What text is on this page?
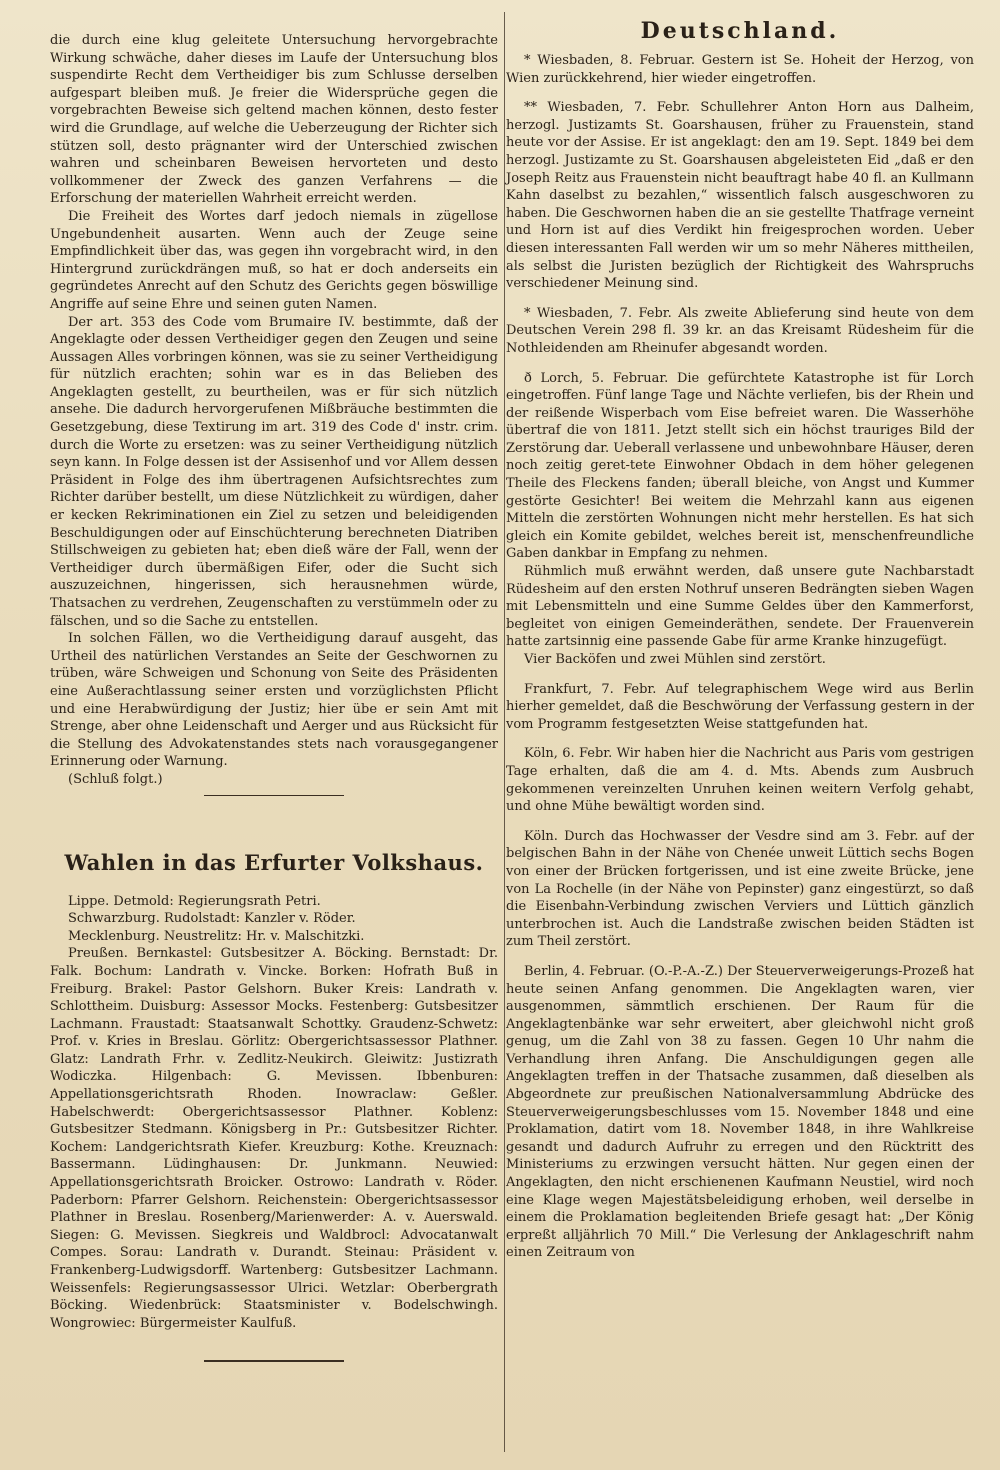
die durch eine klug geleitete Untersuchung hervorgebrachte Wirkung schwäche, daher dieses im Laufe der Untersuchung blos suspendirte Recht dem Vertheidiger bis zum Schlusse derselben aufgespart bleiben muß. Je freier die Widersprüche gegen die vorgebrachten Beweise sich geltend machen können, desto fester wird die Grundlage, auf welche die Ueberzeugung der Richter sich stützen soll, desto prägnanter wird der Unterschied zwischen wahren und scheinbaren Beweisen hervorteten und desto vollkommener der Zweck des ganzen Verfahrens — die Erforschung der materiellen Wahrheit erreicht werden.

Die Freiheit des Wortes darf jedoch niemals in zügellose Ungebundenheit ausarten. Wenn auch der Zeuge seine Empfindlichkeit über das, was gegen ihn vorgebracht wird, in den Hintergrund zurückdrängen muß, so hat er doch anderseits ein gegründetes Anrecht auf den Schutz des Gerichts gegen böswillige Angriffe auf seine Ehre und seinen guten Namen.

Der art. 353 des Code vom Brumaire IV. bestimmte, daß der Angeklagte oder dessen Vertheidiger gegen den Zeugen und seine Aussagen Alles vorbringen können, was sie zu seiner Vertheidigung für nützlich erachten; sohin war es in das Belieben des Angeklagten gestellt, zu beurtheilen, was er für sich nützlich ansehe. Die dadurch hervorgerufenen Mißbräuche bestimmten die Gesetzgebung, diese Textirung im art. 319 des Code d' instr. crim. durch die Worte zu ersetzen: was zu seiner Vertheidigung nützlich seyn kann. In Folge dessen ist der Assisenhof und vor Allem dessen Präsident in Folge des ihm übertragenen Aufsichtsrechtes zum Richter darüber bestellt, um diese Nützlichkeit zu würdigen, daher er kecken Rekriminationen ein Ziel zu setzen und beleidigenden Beschuldigungen oder auf Einschüchterung berechneten Diatriben Stillschweigen zu gebieten hat; eben dieß wäre der Fall, wenn der Vertheidiger durch übermäßigen Eifer, oder die Sucht sich auszuzeichnen, hingerissen, sich herausnehmen würde, Thatsachen zu verdrehen, Zeugenschaften zu verstümmeln oder zu fälschen, und so die Sache zu entstellen.

In solchen Fällen, wo die Vertheidigung darauf ausgeht, das Urtheil des natürlichen Verstandes an Seite der Geschwornen zu trüben, wäre Schweigen und Schonung von Seite des Präsidenten eine Außerachtlassung seiner ersten und vorzüglichsten Pflicht und eine Herabwürdigung der Justiz; hier übe er sein Amt mit Strenge, aber ohne Leidenschaft und Aerger und aus Rücksicht für die Stellung des Advokatenstandes stets nach vorausgegangener Erinnerung oder Warnung.

(Schluß folgt.)

Wahlen in das Erfurter Volkshaus.

Lippe. Detmold: Regierungsrath Petri.

Schwarzburg. Rudolstadt: Kanzler v. Röder.

Mecklenburg. Neustrelitz: Hr. v. Malschitzki.

Preußen. Bernkastel: Gutsbesitzer A. Böcking. Bernstadt: Dr. Falk. Bochum: Landrath v. Vincke. Borken: Hofrath Buß in Freiburg. Brakel: Pastor Gelshorn. Buker Kreis: Landrath v. Schlottheim. Duisburg: Assessor Mocks. Festenberg: Gutsbesitzer Lachmann. Fraustadt: Staatsanwalt Schottky. Graudenz-Schwetz: Prof. v. Kries in Breslau. Görlitz: Obergerichtsassessor Plathner. Glatz: Landrath Frhr. v. Zedlitz-Neukirch. Gleiwitz: Justizrath Wodiczka. Hilgenbach: G. Mevissen. Ibbenburen: Appellationsgerichtsrath Rhoden. Inowraclaw: Geßler. Habelschwerdt: Obergerichtsassessor Plathner. Koblenz: Gutsbesitzer Stedmann. Königsberg in Pr.: Gutsbesitzer Richter. Kochem: Landgerichtsrath Kiefer. Kreuzburg: Kothe. Kreuznach: Bassermann. Lüdinghausen: Dr. Junkmann. Neuwied: Appellationsgerichtsrath Broicker. Ostrowo: Landrath v. Röder. Paderborn: Pfarrer Gelshorn. Reichenstein: Obergerichtsassessor Plathner in Breslau. Rosenberg/Marienwerder: A. v. Auerswald. Siegen: G. Mevissen. Siegkreis und Waldbrocl: Advocatanwalt Compes. Sorau: Landrath v. Durandt. Steinau: Präsident v. Frankenberg-Ludwigsdorff. Wartenberg: Gutsbesitzer Lachmann. Weissenfels: Regierungsassessor Ulrici. Wetzlar: Oberbergrath Böcking. Wiedenbrück: Staatsminister v. Bodelschwingh. Wongrowiec: Bürgermeister Kaulfuß.

Deutschland.

* Wiesbaden, 8. Februar. Gestern ist Se. Hoheit der Herzog, von Wien zurückkehrend, hier wieder eingetroffen.

** Wiesbaden, 7. Febr. Schullehrer Anton Horn aus Dalheim, herzogl. Justizamts St. Goarshausen, früher zu Frauenstein, stand heute vor der Assise. Er ist angeklagt: den am 19. Sept. 1849 bei dem herzogl. Justizamte zu St. Goarshausen abgeleisteten Eid „daß er den Joseph Reitz aus Frauenstein nicht beauftragt habe 40 fl. an Kullmann Kahn daselbst zu bezahlen,“ wissentlich falsch ausgeschworen zu haben. Die Geschwornen haben die an sie gestellte Thatfrage verneint und Horn ist auf dies Verdikt hin freigesprochen worden. Ueber diesen interessanten Fall werden wir um so mehr Näheres mittheilen, als selbst die Juristen bezüglich der Richtigkeit des Wahrspruchs verschiedener Meinung sind.

* Wiesbaden, 7. Febr. Als zweite Ablieferung sind heute von dem Deutschen Verein 298 fl. 39 kr. an das Kreisamt Rüdesheim für die Nothleidenden am Rheinufer abgesandt worden.

ð Lorch, 5. Februar. Die gefürchtete Katastrophe ist für Lorch eingetroffen. Fünf lange Tage und Nächte verliefen, bis der Rhein und der reißende Wisperbach vom Eise befreiet waren. Die Wasserhöhe übertraf die von 1811. Jetzt stellt sich ein höchst trauriges Bild der Zerstörung dar. Ueberall verlassene und unbewohnbare Häuser, deren noch zeitig geret-tete Einwohner Obdach in dem höher gelegenen Theile des Fleckens fanden; überall bleiche, von Angst und Kummer gestörte Gesichter! Bei weitem die Mehrzahl kann aus eigenen Mitteln die zerstörten Wohnungen nicht mehr herstellen. Es hat sich gleich ein Komite gebildet, welches bereit ist, menschenfreundliche Gaben dankbar in Empfang zu nehmen.

Rühmlich muß erwähnt werden, daß unsere gute Nachbarstadt Rüdesheim auf den ersten Nothruf unseren Bedrängten sieben Wagen mit Lebensmitteln und eine Summe Geldes über den Kammerforst, begleitet von einigen Gemeinderäthen, sendete. Der Frauenverein hatte zartsinnig eine passende Gabe für arme Kranke hinzugefügt.

Vier Backöfen und zwei Mühlen sind zerstört.

Frankfurt, 7. Febr. Auf telegraphischem Wege wird aus Berlin hierher gemeldet, daß die Beschwörung der Verfassung gestern in der vom Programm festgesetzten Weise stattgefunden hat.

Köln, 6. Febr. Wir haben hier die Nachricht aus Paris vom gestrigen Tage erhalten, daß die am 4. d. Mts. Abends zum Ausbruch gekommenen vereinzelten Unruhen keinen weitern Verfolg gehabt, und ohne Mühe bewältigt worden sind.

Köln. Durch das Hochwasser der Vesdre sind am 3. Febr. auf der belgischen Bahn in der Nähe von Chenée unweit Lüttich sechs Bogen von einer der Brücken fortgerissen, und ist eine zweite Brücke, jene von La Rochelle (in der Nähe von Pepinster) ganz eingestürzt, so daß die Eisenbahn-Verbindung zwischen Verviers und Lüttich gänzlich unterbrochen ist. Auch die Landstraße zwischen beiden Städten ist zum Theil zerstört.

Berlin, 4. Februar. (O.-P.-A.-Z.) Der Steuerverweigerungs-Prozeß hat heute seinen Anfang genommen. Die Angeklagten waren, vier ausgenommen, sämmtlich erschienen. Der Raum für die Angeklagtenbänke war sehr erweitert, aber gleichwohl nicht groß genug, um die Zahl von 38 zu fassen. Gegen 10 Uhr nahm die Verhandlung ihren Anfang. Die Anschuldigungen gegen alle Angeklagten treffen in der Thatsache zusammen, daß dieselben als Abgeordnete zur preußischen Nationalversammlung Abdrücke des Steuerverweigerungsbeschlusses vom 15. November 1848 und eine Proklamation, datirt vom 18. November 1848, in ihre Wahlkreise gesandt und dadurch Aufruhr zu erregen und den Rücktritt des Ministeriums zu erzwingen versucht hätten. Nur gegen einen der Angeklagten, den nicht erschienenen Kaufmann Neustiel, wird noch eine Klage wegen Majestätsbeleidigung erhoben, weil derselbe in einem die Proklamation begleitenden Briefe gesagt hat: „Der König erpreßt alljährlich 70 Mill.“ Die Verlesung der Anklageschrift nahm einen Zeitraum von
